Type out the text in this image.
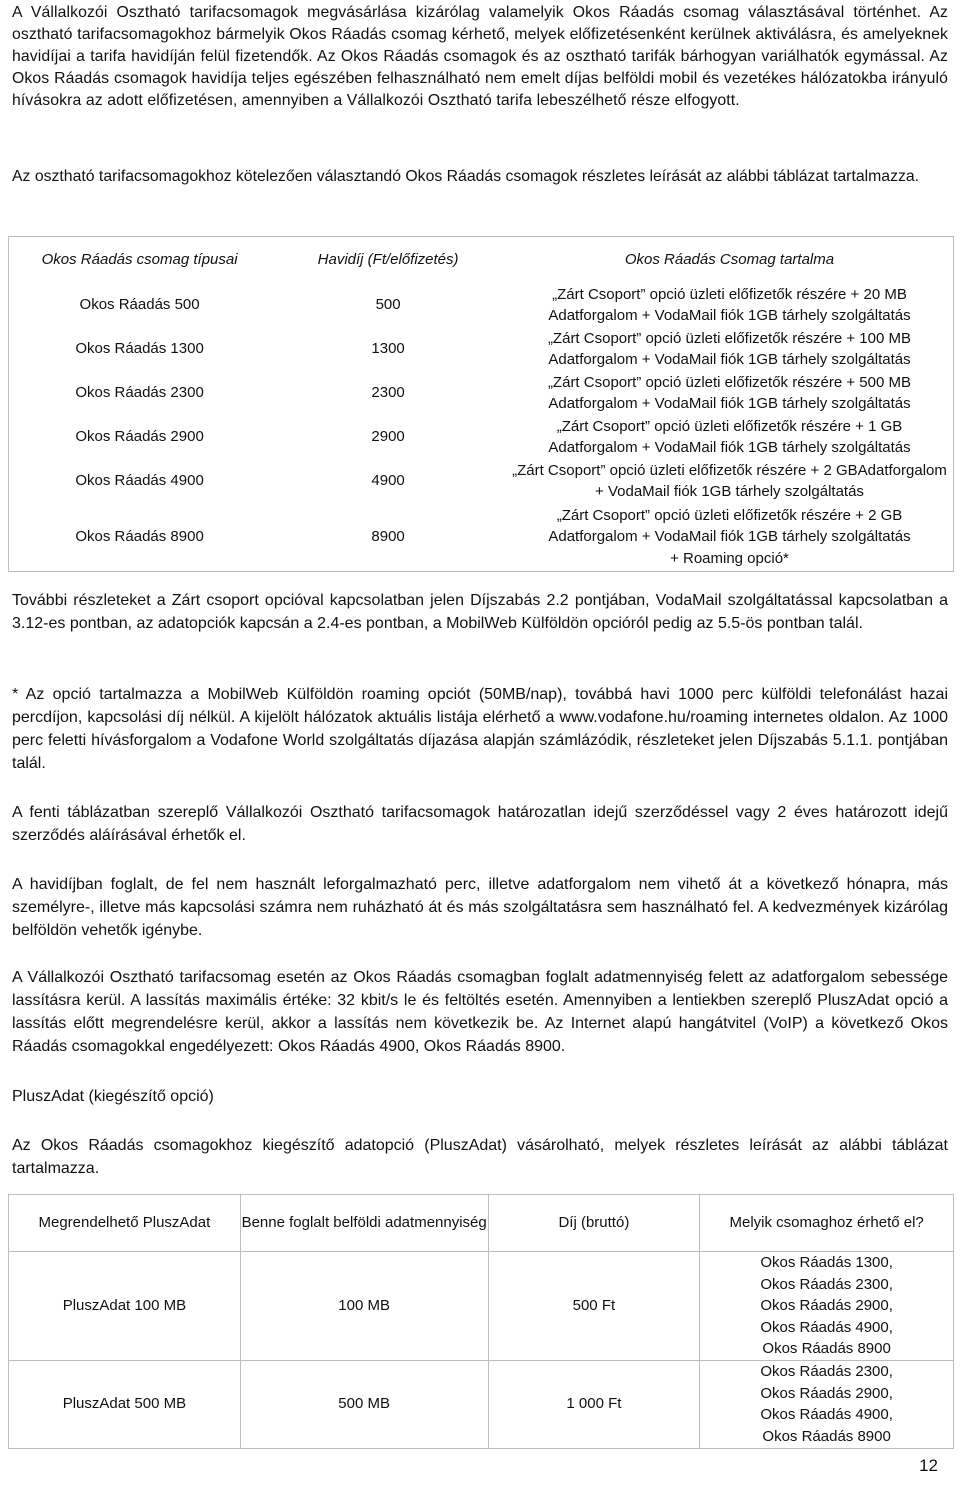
A Vállalkozói Osztható tarifacsomagok megvásárlása kizárólag valamelyik Okos Ráadás csomag választásával történhet. Az osztható tarifacsomagokhoz bármelyik Okos Ráadás csomag kérhető, melyek előfizetésenként kerülnek aktiválásra, és amelyeknek havidíjai a tarifa havidíján felül fizetendők. Az Okos Ráadás csomagok és az osztható tarifák bárhogyan variálhatók egymással. Az Okos Ráadás csomagok havidíja teljes egészében felhasználható nem emelt díjas belföldi mobil és vezetékes hálózatokba irányuló hívásokra az adott előfizetésen, amennyiben a Vállalkozói Osztható tarifa lebeszélhető része elfogyott.

Az osztható tarifacsomagokhoz kötelezően választandó Okos Ráadás csomagok részletes leírását az alábbi táblázat tartalmazza.

Okos Ráadás csomag típusai	Havidíj (Ft/előfizetés)	Okos Ráadás Csomag tartalma
Okos Ráadás 500	500	„Zárt Csoport” opció üzleti előfizetők részére + 20 MB
Adatforgalom + VodaMail fiók 1GB tárhely szolgáltatás

Okos Ráadás 1300	1300	„Zárt Csoport” opció üzleti előfizetők részére + 100 MB
Adatforgalom + VodaMail fiók 1GB tárhely szolgáltatás

Okos Ráadás 2300	2300	„Zárt Csoport” opció üzleti előfizetők részére + 500 MB
Adatforgalom + VodaMail fiók 1GB tárhely szolgáltatás

Okos Ráadás 2900	2900	„Zárt Csoport” opció üzleti előfizetők részére + 1 GB
Adatforgalom + VodaMail fiók 1GB tárhely szolgáltatás

Okos Ráadás 4900	4900	„Zárt Csoport” opció üzleti előfizetők részére + 2 GBAdatforgalom
+ VodaMail fiók 1GB tárhely szolgáltatás

Okos Ráadás 8900	8900	„Zárt Csoport” opció üzleti előfizetők részére + 2 GB
Adatforgalom + VodaMail fiók 1GB tárhely szolgáltatás
+ Roaming opció*

További részleteket a Zárt csoport opcióval kapcsolatban jelen Díjszabás 2.2 pontjában, VodaMail szolgáltatással kapcsolatban a 3.12-es pontban, az adatopciók kapcsán a 2.4-es pontban, a MobilWeb Külföldön opcióról pedig az 5.5-ös pontban talál.

* Az opció tartalmazza a MobilWeb Külföldön roaming opciót (50MB/nap), továbbá havi 1000 perc külföldi telefonálást hazai percdíjon, kapcsolási díj nélkül. A kijelölt hálózatok aktuális listája elérhető a www.vodafone.hu/roaming internetes oldalon. Az 1000 perc feletti hívásforgalom a Vodafone World szolgáltatás díjazása alapján számlázódik, részleteket jelen Díjszabás 5.1.1. pontjában talál.

A fenti táblázatban szereplő Vállalkozói Osztható tarifacsomagok határozatlan idejű szerződéssel vagy 2 éves határozott idejű szerződés aláírásával érhetők el.

A havidíjban foglalt, de fel nem használt leforgalmazható perc, illetve adatforgalom nem vihető át a következő hónapra, más személyre-, illetve más kapcsolási számra nem ruházható át és más szolgáltatásra sem használható fel. A kedvezmények kizárólag belföldön vehetők igénybe.

A Vállalkozói Osztható tarifacsomag esetén az Okos Ráadás csomagban foglalt adatmennyiség felett az adatforgalom sebessége lassításra kerül. A lassítás maximális értéke: 32 kbit/s le és feltöltés esetén. Amennyiben a lentiekben szereplő PluszAdat opció a lassítás előtt megrendelésre kerül, akkor a lassítás nem következik be. Az Internet alapú hangátvitel (VoIP) a következő Okos Ráadás csomagokkal engedélyezett: Okos Ráadás 4900, Okos Ráadás 8900.

PluszAdat (kiegészítő opció)

Az Okos Ráadás csomagokhoz kiegészítő adatopció (PluszAdat) vásárolható, melyek részletes leírását az alábbi táblázat tartalmazza.

Megrendelhető PluszAdat	Benne foglalt belföldi adatmennyiség	Díj (bruttó)	Melyik csomaghoz érhető el?
PluszAdat 100 MB	100 MB	500 Ft	Okos Ráadás 1300,
Okos Ráadás 2300,
Okos Ráadás 2900,
Okos Ráadás 4900,
Okos Ráadás 8900

PluszAdat 500 MB	500 MB	1 000 Ft	Okos Ráadás 2300,
Okos Ráadás 2900,
Okos Ráadás 4900,
Okos Ráadás 8900
12
